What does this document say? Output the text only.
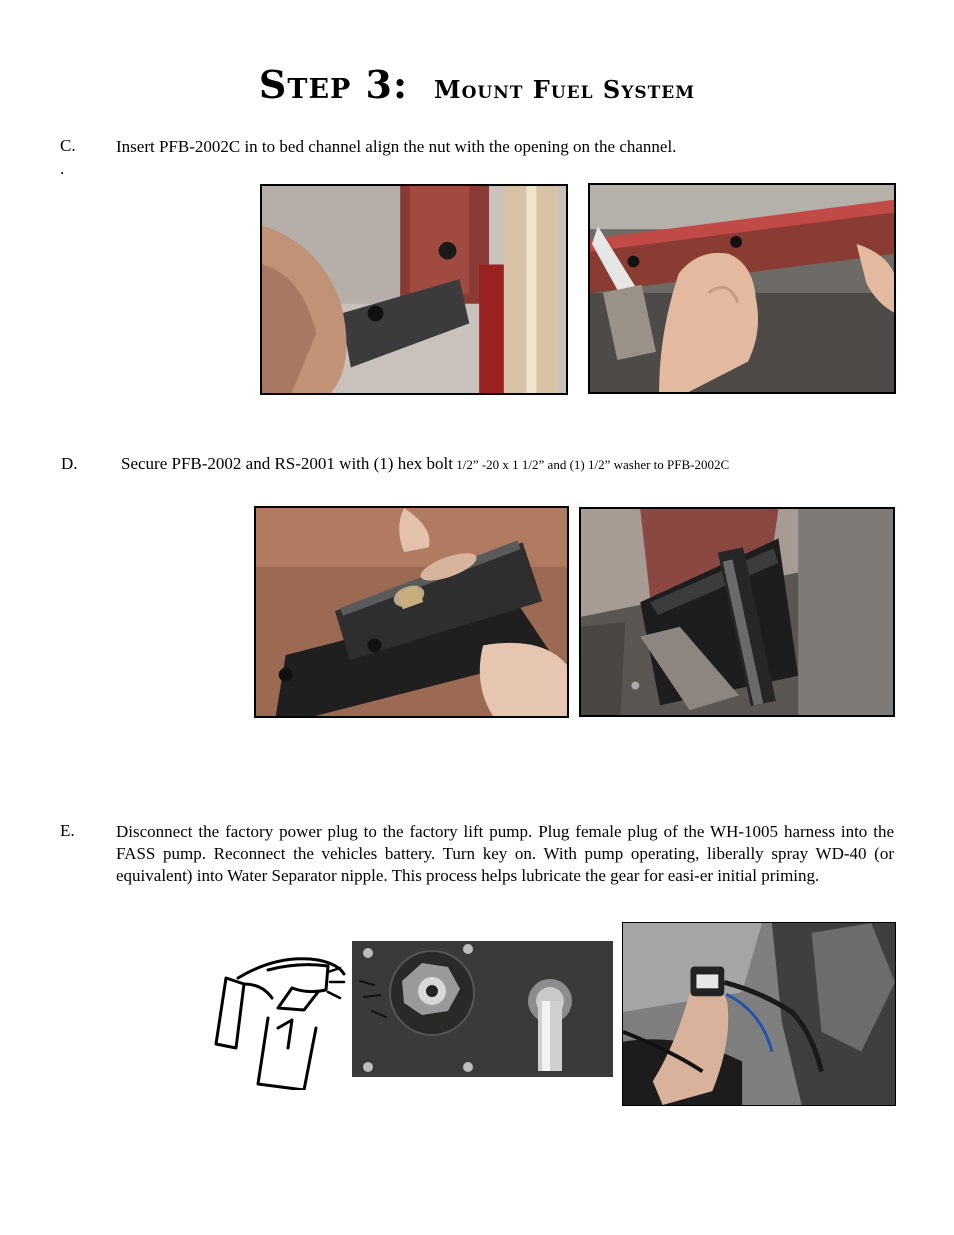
Step 3: Mount Fuel System
C. Insert PFB-2002C in to bed channel align the nut with the opening on the channel.
.
D.	Secure PFB-2002 and RS-2001 with (1) hex bolt 1/2” -20 x 1 1/2” and (1) 1/2” washer to PFB-2002C
E. Disconnect the factory power plug to the factory lift pump. Plug female plug of the WH-1005 harness into the FASS pump. Reconnect the vehicles battery. Turn key on. With pump operating, liberally spray WD-40 (or equivalent) into Water Separator nipple. This process helps lubricate the gear for easi-er initial priming.
